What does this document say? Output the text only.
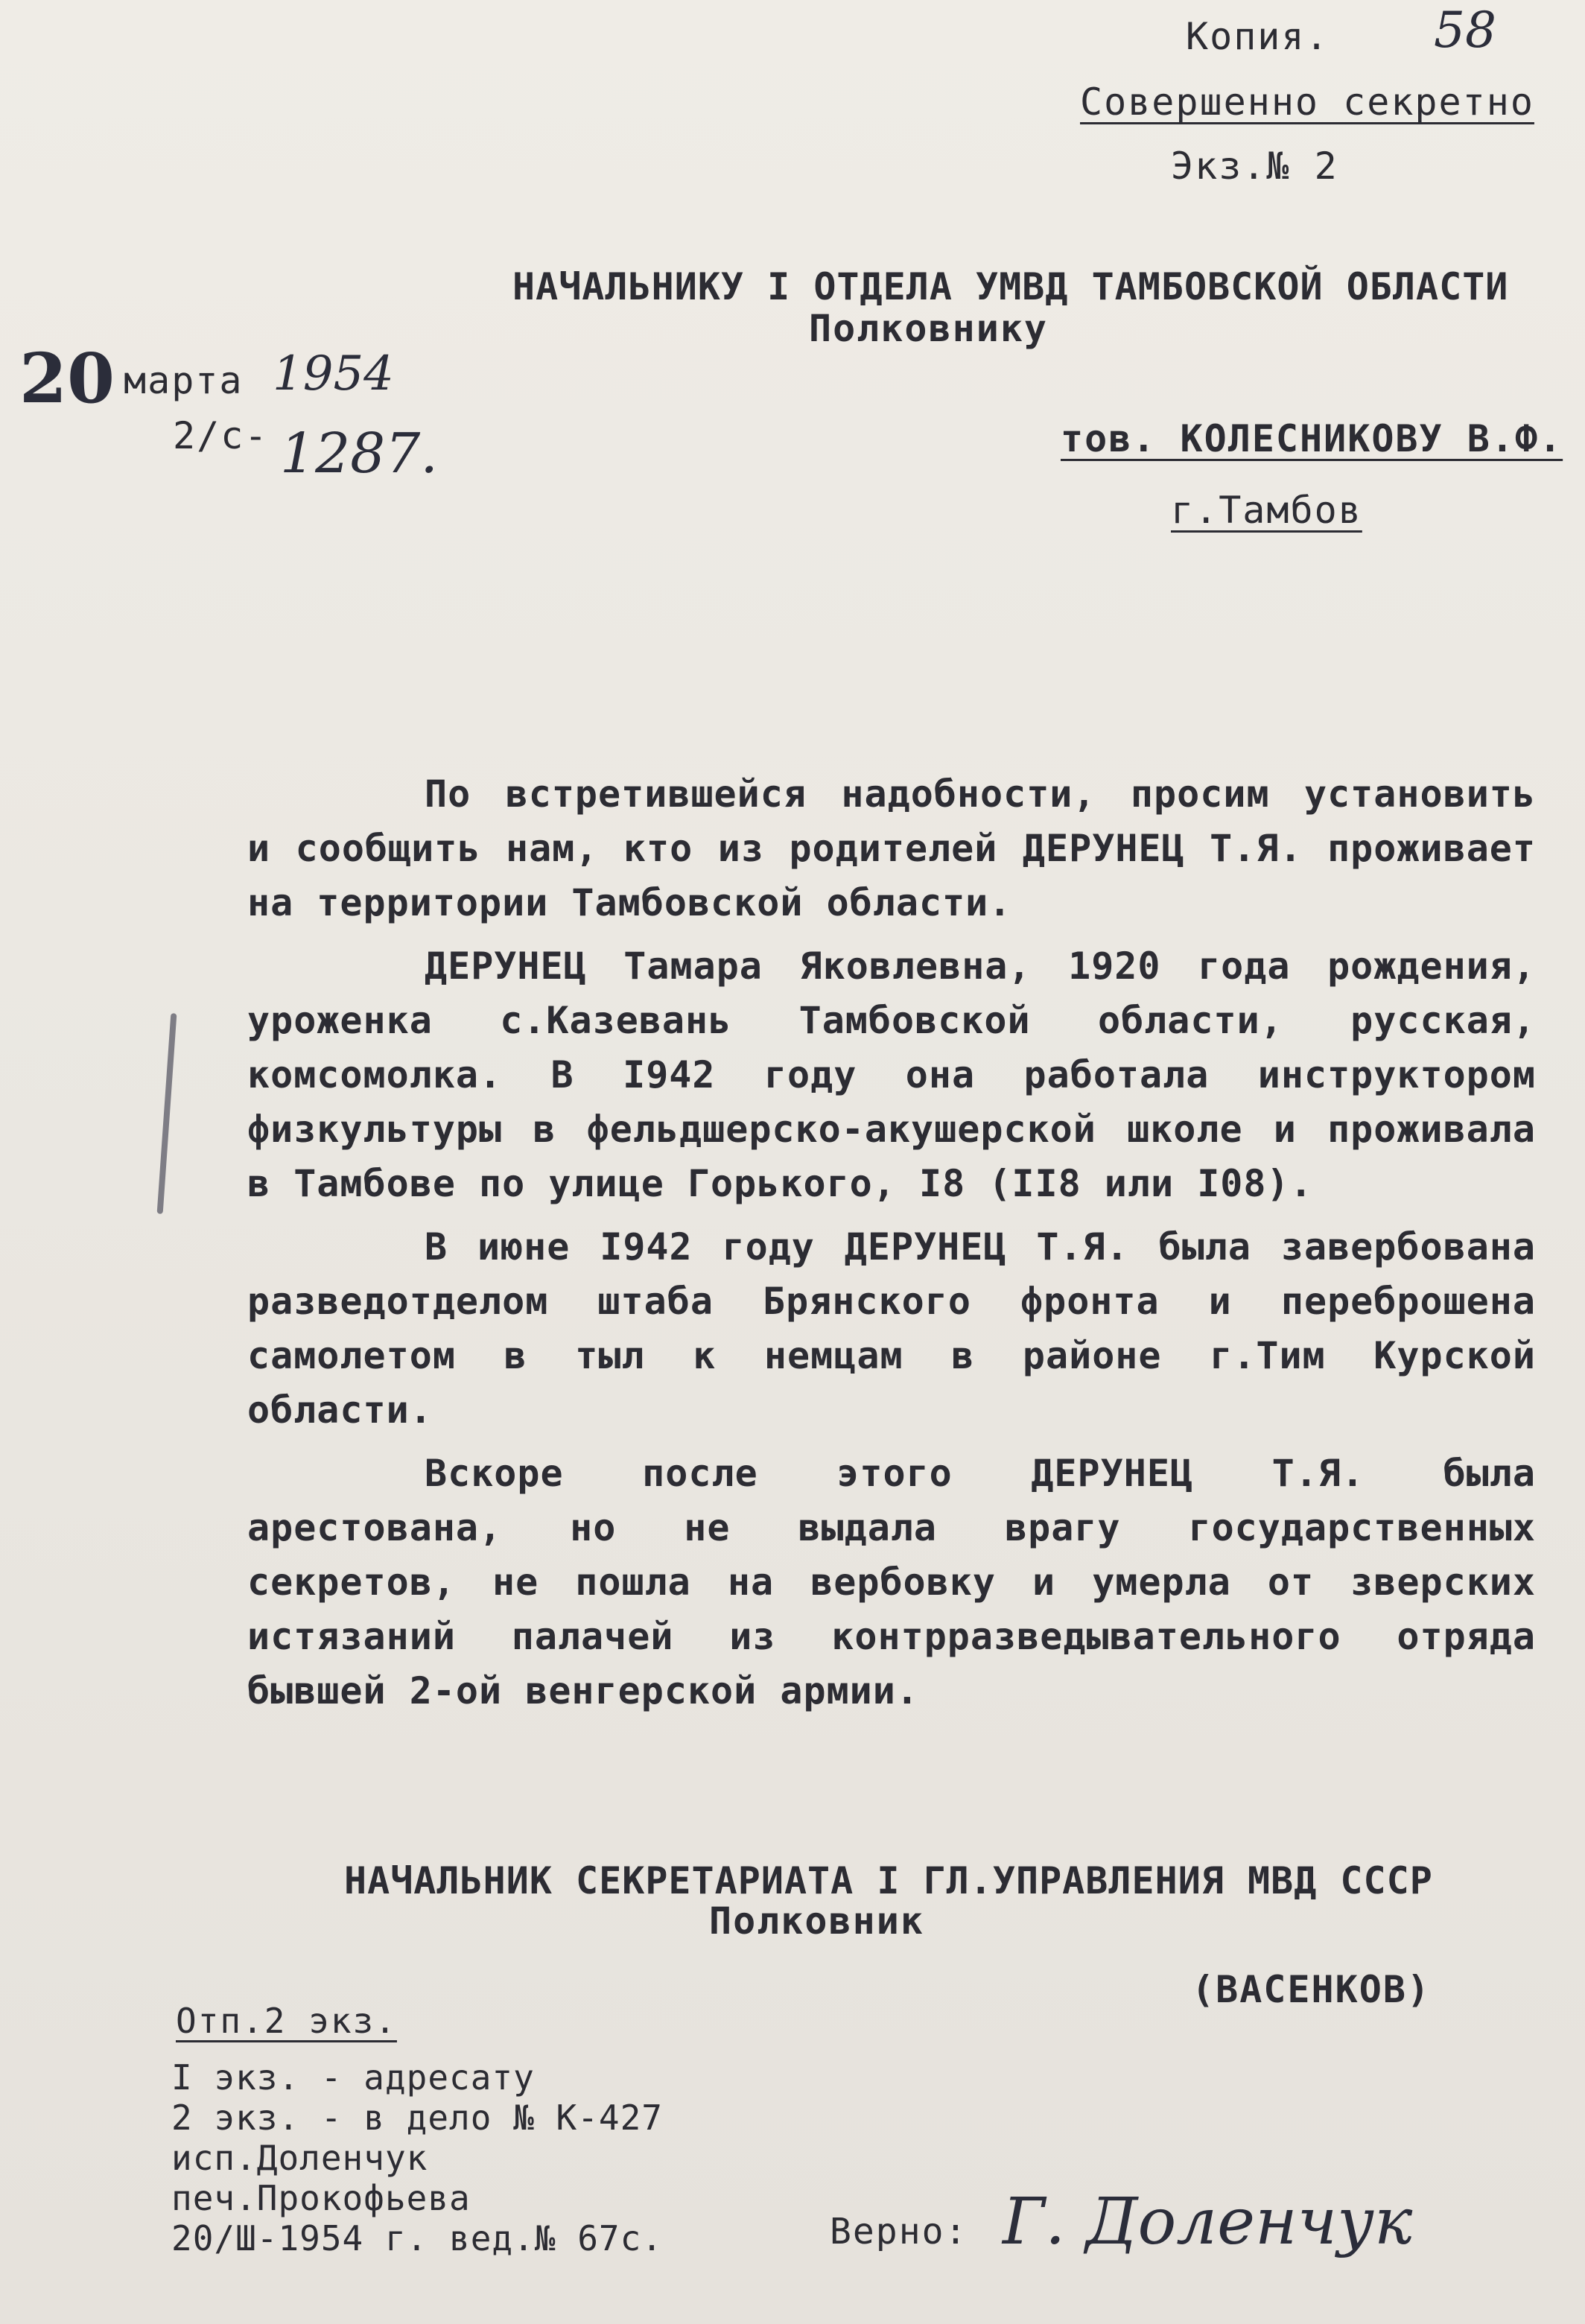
Копия. 58
Совершенно секретно
Экз.№ 2
НАЧАЛЬНИКУ I ОТДЕЛА УМВД ТАМБОВСКОЙ ОБЛАСТИ
Полковнику
20 марта 1954
2/с- 1287.	тов. КОЛЕСНИКОВУ В.Ф.
г.Тамбов

По встретившейся надобности, просим установить и сообщить нам, кто из родителей ДЕРУНЕЦ Т.Я. проживает на территории Тамбовской области.

ДЕРУНЕЦ Тамара Яковлевна, 1920 года рождения, уроженка с.Казевань Тамбовской области, русская, комсомолка. В I942 году она работала инструктором физкультуры в фельдшерско-акушерской школе и проживала в Тамбове по улице Горького, I8 (II8 или I08).

В июне I942 году ДЕРУНЕЦ Т.Я. была завербована разведотделом штаба Брянского фронта и переброшена самолетом в тыл к немцам в районе г.Тим Курской области.

Вскоре после этого ДЕРУНЕЦ Т.Я. была арестована, но не выдала врагу государственных секретов, не пошла на вербовку и умерла от зверских истязаний палачей из контрразведывательного отряда бывшей 2-ой венгерской армии.

НАЧАЛЬНИК СЕКРЕТАРИАТА I ГЛ.УПРАВЛЕНИЯ МВД СССР
Полковник
(ВАСЕНКОВ)
Отп.2 экз.
I экз. - адресату
2 экз. - в дело № К-427
исп.Доленчук
печ.Прокофьева
20/Ш-1954 г. вед.№ 67с.	Верно: Г. Доленчук
